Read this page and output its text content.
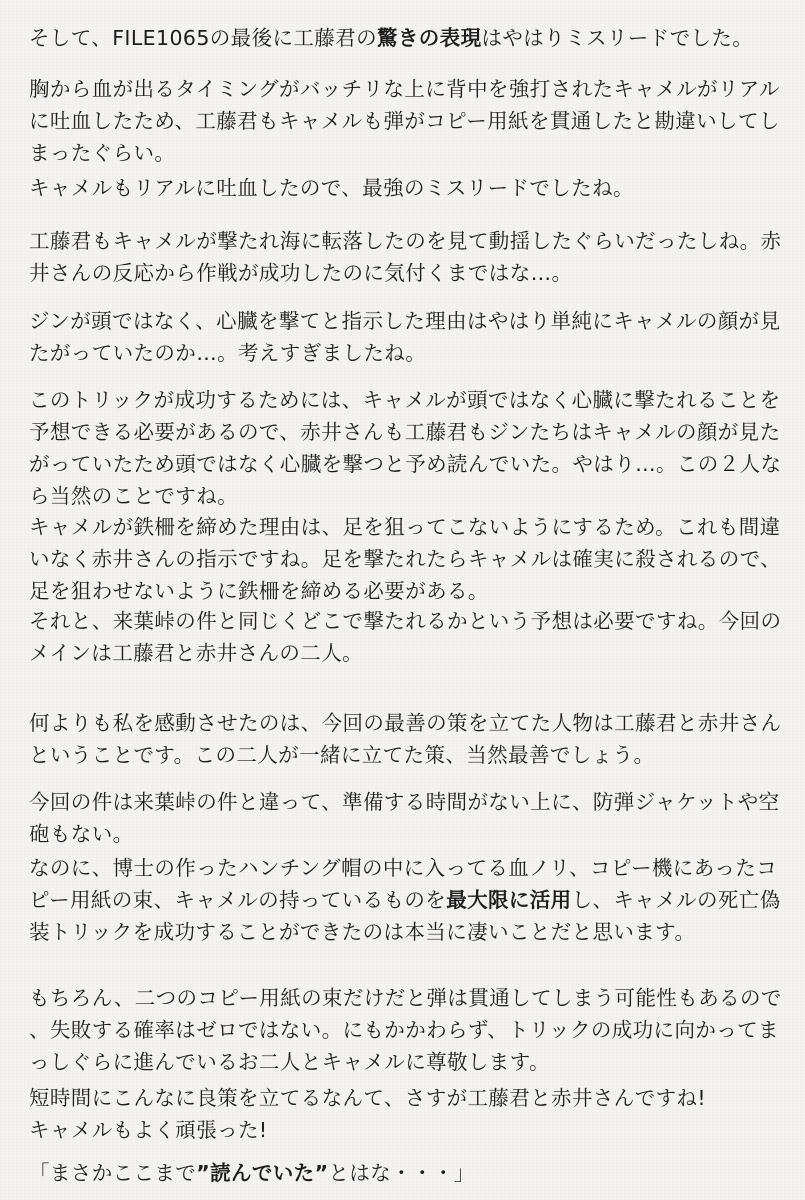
そして、FILE1065の最後に工藤君の驚きの表現はやはりミスリードでした。

胸から血が出るタイミングがバッチリな上に背中を強打されたキャメルがリアルに吐血したため、工藤君もキャメルも弾がコピー用紙を貫通したと勘違いしてしまったぐらい。

キャメルもリアルに吐血したので、最強のミスリードでしたね。

工藤君もキャメルが撃たれ海に転落したのを見て動揺したぐらいだったしね。赤井さんの反応から作戦が成功したのに気付くまではな…。

ジンが頭ではなく、心臓を撃てと指示した理由はやはり単純にキャメルの顔が見たがっていたのか…。考えすぎましたね。

このトリックが成功するためには、キャメルが頭ではなく心臓に撃たれることを予想できる必要があるので、赤井さんも工藤君もジンたちはキャメルの顔が見たがっていたため頭ではなく心臓を撃つと予め読んでいた。やはり…。この２人なら当然のことですね。

キャメルが鉄柵を締めた理由は、足を狙ってこないようにするため。これも間違いなく赤井さんの指示ですね。足を撃たれたらキャメルは確実に殺されるので、足を狙わせないように鉄柵を締める必要がある。

それと、来葉峠の件と同じくどこで撃たれるかという予想は必要ですね。今回のメインは工藤君と赤井さんの二人。

何よりも私を感動させたのは、今回の最善の策を立てた人物は工藤君と赤井さんということです。この二人が一緒に立てた策、当然最善でしょう。

今回の件は来葉峠の件と違って、準備する時間がない上に、防弾ジャケットや空砲もない。

なのに、博士の作ったハンチング帽の中に入ってる血ノリ、コピー機にあったコピー用紙の束、キャメルの持っているものを最大限に活用し、キャメルの死亡偽装トリックを成功することができたのは本当に凄いことだと思います。

もちろん、二つのコピー用紙の束だけだと弾は貫通してしまう可能性もあるので、失敗する確率はゼロではない。にもかかわらず、トリックの成功に向かってまっしぐらに進んでいるお二人とキャメルに尊敬します。

短時間にこんなに良策を立てるなんて、さすが工藤君と赤井さんですね!
キャメルもよく頑張った!

「まさかここまで”読んでいた”とはな・・・」
